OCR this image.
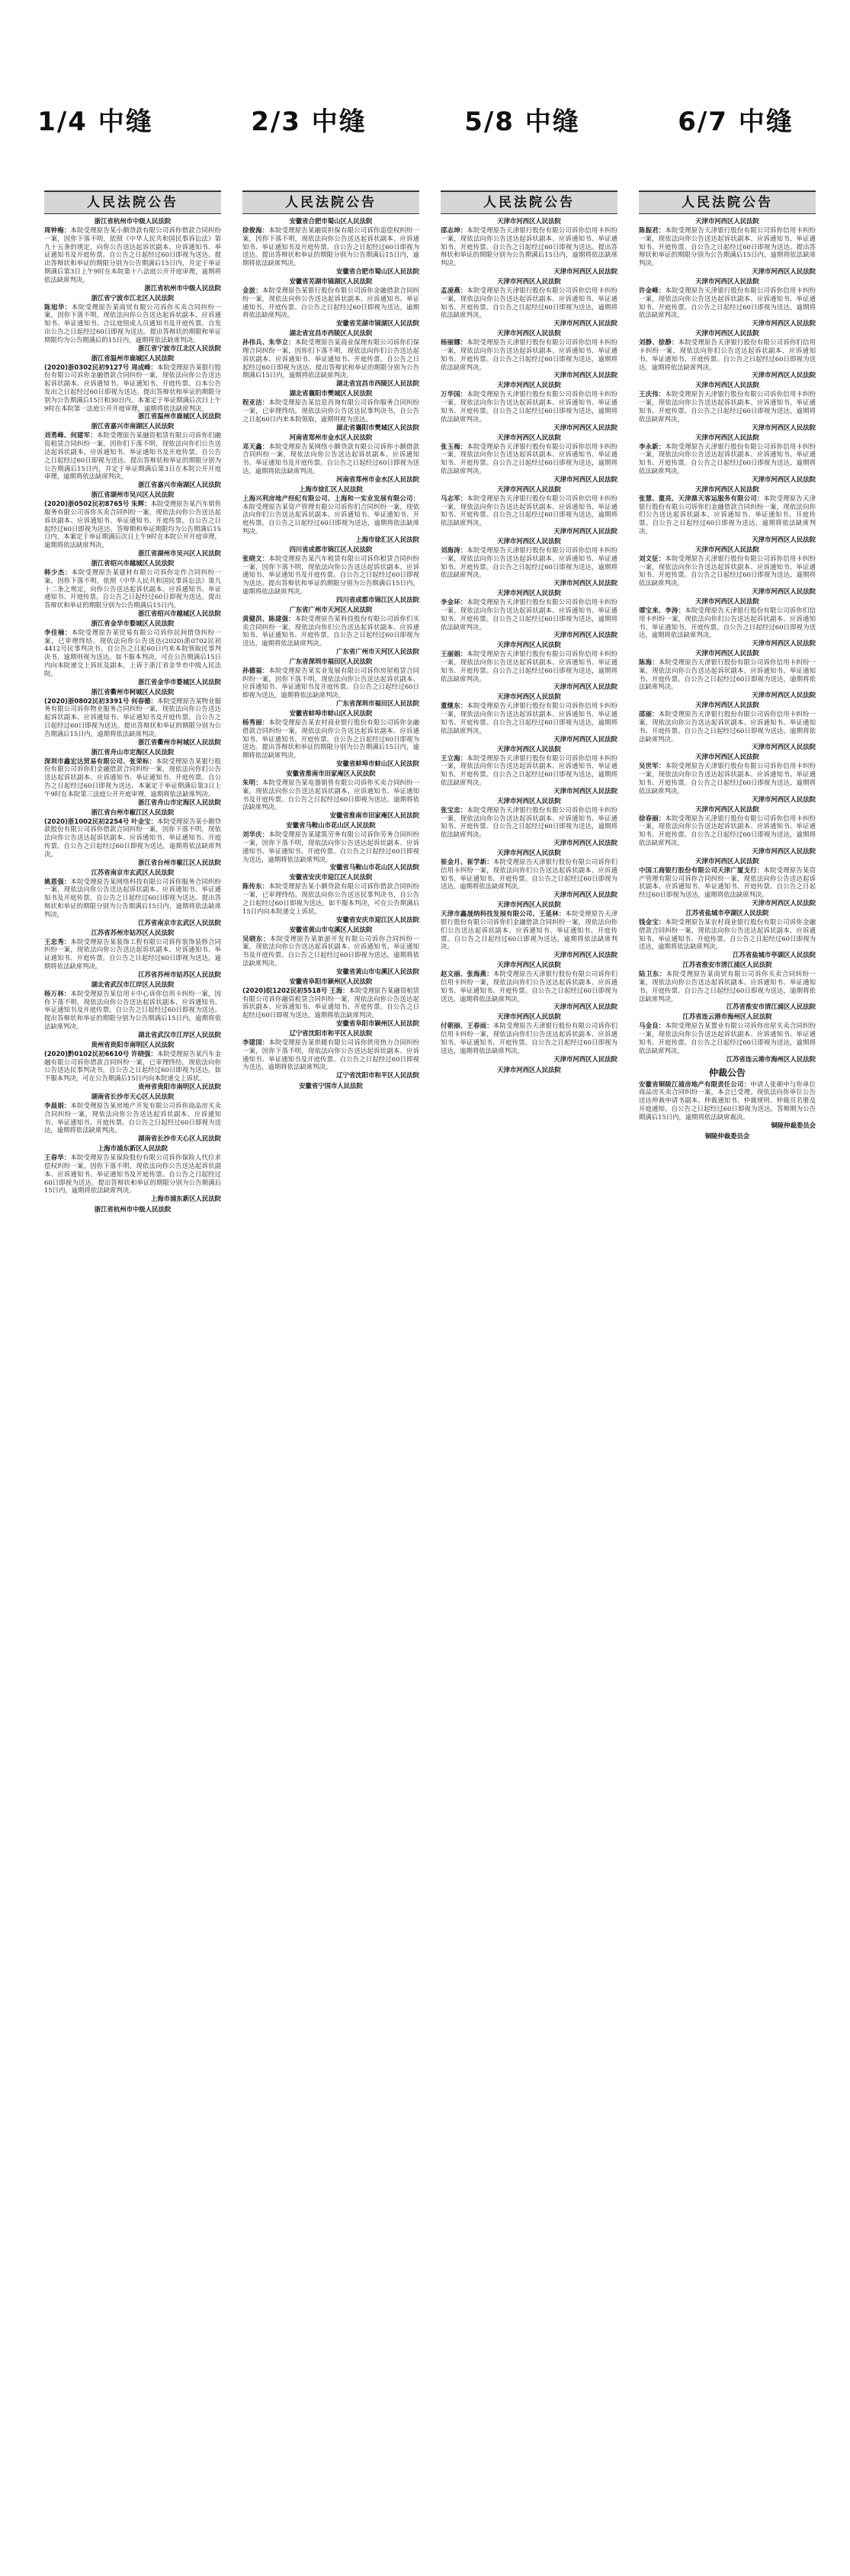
1/4 中缝	2/3 中缝	5/8 中缝	6/7 中缝
人民法院公告
浙江省杭州市中级人民法院

周钟梅：本院受理原告某小额贷款有限公司诉你借款合同纠纷一案，因你下落不明，依照《中华人民共和国民事诉讼法》第九十五条的规定，向你公告送达起诉状副本、应诉通知书、举证通知书及开庭传票。自公告之日起经过60日即视为送达。提出答辩状和举证的期限分别为公告期满后15日内，并定于举证期满后第3日上午9时在本院第十八法庭公开开庭审理，逾期将依法缺席判决。

浙江省杭州市中级人民法院
浙江省宁波市江北区人民法院

陈旭华：本院受理原告某商贸有限公司诉你买卖合同纠纷一案，因你下落不明，现依法向你公告送达起诉状副本、应诉通知书、举证通知书、合议庭组成人员通知书及开庭传票。自发出公告之日起经过60日即视为送达。提出答辩状的期限和举证期限均为公告期满后的15日内，逾期将依法缺席判决。

浙江省宁波市江北区人民法院
浙江省温州市鹿城区人民法院

(2020)浙0302民初9127号 周成峰：本院受理原告某银行股份有限公司诉你金融借款合同纠纷一案，现依法向你公告送达起诉状副本、应诉通知书、举证通知书、开庭传票。自本公告发出之日起经过60日即视为送达。提出答辩状和举证的期限分别为公告期满后15日和30日内。本案定于举证期满后次日上午9时在本院第一法庭公开开庭审理，逾期将依法缺席判决。

浙江省温州市鹿城区人民法院
浙江省嘉兴市南湖区人民法院

刘勇峰、何建军：本院受理原告某融资租赁有限公司诉你们融资租赁合同纠纷一案，因你们下落不明，现依法向你们公告送达起诉状副本、应诉通知书、举证通知书及开庭传票。自公告之日起经过60日即视为送达。提出答辩状和举证的期限分别为公告期满后15日内，并定于举证期满后第3日在本院公开开庭审理，逾期将依法缺席判决。

浙江省嘉兴市南湖区人民法院
浙江省湖州市吴兴区人民法院

(2020)浙0502民初8765号 朱辉：本院受理原告某汽车销售服务有限公司诉你买卖合同纠纷一案，现依法向你公告送达起诉状副本、应诉通知书、举证通知书、开庭传票。自公告之日起经过60日即视为送达。答辩期和举证期限均为公告期满后15日内，本案定于举证期满后次日上午9时在本院公开开庭审理，逾期将依法缺席判决。

浙江省湖州市吴兴区人民法院
浙江省绍兴市越城区人民法院

韩少杰：本院受理原告某建材有限公司诉你定作合同纠纷一案，因你下落不明，依照《中华人民共和国民事诉讼法》第九十二条之规定，向你公告送达起诉状副本、应诉通知书、举证通知书、开庭传票。自公告之日起经过60日即视为送达，提出答辩状和举证的期限分别为公告期满后15日内。

浙江省绍兴市越城区人民法院
浙江省金华市婺城区人民法院

李佳楠：本院受理原告某贸易有限公司诉你民间借贷纠纷一案，已审理终结。现依法向你公告送达(2020)浙0702民初4412号民事判决书。自公告之日起60日内来本院领取民事判决书，逾期则视为送达。如不服本判决，可在公告期满后15日内向本院递交上诉状及副本，上诉于浙江省金华市中级人民法院。

浙江省金华市婺城区人民法院
浙江省衢州市柯城区人民法院

(2020)浙0802民初3391号 何春德：本院受理原告某物业服务有限公司诉你物业服务合同纠纷一案，现依法向你公告送达起诉状副本、应诉通知书、举证通知书及开庭传票。自公告之日起经过60日即视为送达。提出答辩状和举证的期限分别为公告期满后15日内，逾期将依法缺席判决。

浙江省衢州市柯城区人民法院
浙江省舟山市定海区人民法院

深圳市鑫宏达贸易有限公司、张荣标：本院受理原告某银行股份有限公司诉你们金融借款合同纠纷一案，现依法向你们公告送达起诉状副本、应诉通知书、举证通知书、开庭传票。自公告之日起经过60日即视为送达。本案定于举证期满后第3日上午9时在本院第三法庭公开开庭审理，逾期将依法缺席判决。

浙江省舟山市定海区人民法院
浙江省台州市椒江区人民法院

(2020)浙1002民初2254号 叶金宝：本院受理原告某小额贷款股份有限公司诉你借款合同纠纷一案，因你下落不明，现依法向你公告送达起诉状副本、应诉通知书、举证通知书、开庭传票。自公告之日起经过60日即视为送达，逾期将依法缺席判决。

浙江省台州市椒江区人民法院
江苏省南京市玄武区人民法院

姚恩强：本院受理原告某网络科技有限公司诉你服务合同纠纷一案，现依法向你公告送达起诉状副本、应诉通知书、举证通知书及开庭传票。自公告之日起经过60日即视为送达。提出答辩状和举证的期限分别为公告期满后15日内，逾期将依法缺席判决。

江苏省南京市玄武区人民法院
江苏省苏州市姑苏区人民法院

王忠秀：本院受理原告某装饰工程有限公司诉你装饰装修合同纠纷一案，现依法向你公告送达起诉状副本、应诉通知书、举证通知书、开庭传票。自公告之日起经过60日即视为送达，逾期将依法缺席判决。

江苏省苏州市姑苏区人民法院
湖北省武汉市江岸区人民法院

杨万林：本院受理原告某信用卡中心诉你信用卡纠纷一案，因你下落不明，现依法向你公告送达起诉状副本、应诉通知书、举证通知书及开庭传票。自公告之日起经过60日即视为送达。提出答辩状和举证的期限分别为公告期满后15日内，逾期将依法缺席判决。

湖北省武汉市江岸区人民法院
贵州省贵阳市南明区人民法院

(2020)黔0102民初6610号 许晓强：本院受理原告某汽车金融有限公司诉你借款合同纠纷一案，已审理终结。现依法向你公告送达民事判决书，自公告之日起经过60日即视为送达。如不服本判决，可在公告期满后15日内向本院递交上诉状。

贵州省贵阳市南明区人民法院
湖南省长沙市天心区人民法院

李晨娟：本院受理原告某房地产开发有限公司诉你商品房买卖合同纠纷一案，现依法向你公告送达起诉状副本、应诉通知书、举证通知书、开庭传票。自公告之日起经过60日即视为送达，逾期将依法缺席判决。

湖南省长沙市天心区人民法院
上海市浦东新区人民法院

王春华：本院受理原告某保险股份有限公司诉你保险人代位求偿权纠纷一案，因你下落不明，现依法向你公告送达起诉状副本、应诉通知书、举证通知书及开庭传票。自公告之日起经过60日即视为送达。提出答辩状和举证的期限分别为公告期满后15日内，逾期将依法缺席判决。

上海市浦东新区人民法院
浙江省杭州市中级人民法院
人民法院公告
安徽省合肥市蜀山区人民法院

徐俊海：本院受理原告某融资担保有限公司诉你追偿权纠纷一案，因你下落不明，现依法向你公告送达起诉状副本、应诉通知书、举证通知书及开庭传票。自公告之日起经过60日即视为送达。提出答辩状和举证的期限分别为公告期满后15日内，逾期将依法缺席判决。

安徽省合肥市蜀山区人民法院
安徽省芜湖市镜湖区人民法院

金波：本院受理原告某银行股份有限公司诉你金融借款合同纠纷一案，现依法向你公告送达起诉状副本、应诉通知书、举证通知书、开庭传票。自公告之日起经过60日即视为送达，逾期将依法缺席判决。

安徽省芜湖市镜湖区人民法院
湖北省宜昌市西陵区人民法院

孙伟兵、朱华立：本院受理原告某商业保理有限公司诉你们保理合同纠纷一案，因你们下落不明，现依法向你们公告送达起诉状副本、应诉通知书、举证通知书、开庭传票。自公告之日起经过60日即视为送达。提出答辩状和举证的期限分别为公告期满后15日内，逾期将依法缺席判决。

湖北省宜昌市西陵区人民法院
湖北省襄阳市樊城区人民法院

程亚洁：本院受理原告某信息咨询有限公司诉你服务合同纠纷一案，已审理终结。现依法向你公告送达民事判决书，自公告之日起60日内来本院领取，逾期则视为送达。

湖北省襄阳市樊城区人民法院
河南省郑州市金水区人民法院

邓天鑫：本院受理原告某网络小额贷款有限公司诉你小额借款合同纠纷一案，现依法向你公告送达起诉状副本、应诉通知书、举证通知书及开庭传票。自公告之日起经过60日即视为送达，逾期将依法缺席判决。

河南省郑州市金水区人民法院
上海市徐汇区人民法院

上海兴利房地产经纪有限公司、上海和一实业发展有限公司：本院受理原告某资产管理有限公司诉你们合同纠纷一案，现依法向你们公告送达起诉状副本、应诉通知书、举证通知书、开庭传票。自公告之日起经过60日即视为送达，逾期将依法缺席判决。

上海市徐汇区人民法院
四川省成都市锦江区人民法院

张晓文：本院受理原告某汽车租赁有限公司诉你租赁合同纠纷一案，因你下落不明，现依法向你公告送达起诉状副本、应诉通知书、举证通知书及开庭传票。自公告之日起经过60日即视为送达。提出答辩状和举证的期限分别为公告期满后15日内，逾期将依法缺席判决。

四川省成都市锦江区人民法院
广东省广州市天河区人民法院

黄健洪、陈建强：本院受理原告某科技股份有限公司诉你们买卖合同纠纷一案，现依法向你们公告送达起诉状副本、应诉通知书、举证通知书、开庭传票。自公告之日起经过60日即视为送达，逾期将依法缺席判决。

广东省广州市天河区人民法院
广东省深圳市福田区人民法院

孙德福：本院受理原告某实业发展有限公司诉你房屋租赁合同纠纷一案，因你下落不明，现依法向你公告送达起诉状副本、应诉通知书、举证通知书及开庭传票。自公告之日起经过60日即视为送达，逾期将依法缺席判决。

广东省深圳市福田区人民法院
安徽省蚌埠市蚌山区人民法院

杨秀丽：本院受理原告某农村商业银行股份有限公司诉你金融借款合同纠纷一案，现依法向你公告送达起诉状副本、应诉通知书、举证通知书、开庭传票。自公告之日起经过60日即视为送达。提出答辩状和举证的期限分别为公告期满后15日内，逾期将依法缺席判决。

安徽省蚌埠市蚌山区人民法院
安徽省淮南市田家庵区人民法院

朱明：本院受理原告某电器销售有限公司诉你买卖合同纠纷一案，现依法向你公告送达起诉状副本、应诉通知书、举证通知书及开庭传票。自公告之日起经过60日即视为送达，逾期将依法缺席判决。

安徽省淮南市田家庵区人民法院
安徽省马鞍山市花山区人民法院

刘华庆：本院受理原告某建筑劳务有限公司诉你劳务合同纠纷一案，因你下落不明，现依法向你公告送达起诉状副本、应诉通知书、举证通知书、开庭传票。自公告之日起经过60日即视为送达，逾期将依法缺席判决。

安徽省马鞍山市花山区人民法院
安徽省安庆市迎江区人民法院

陈传东：本院受理原告某小额贷款有限公司诉你借款合同纠纷一案，已审理终结。现依法向你公告送达民事判决书，自公告之日起经过60日即视为送达。如不服本判决，可在公告期满后15日内向本院递交上诉状。

安徽省安庆市迎江区人民法院
安徽省黄山市屯溪区人民法院

吴晓东：本院受理原告某旅游开发有限公司诉你合同纠纷一案，现依法向你公告送达起诉状副本、应诉通知书、举证通知书及开庭传票。自公告之日起经过60日即视为送达，逾期将依法缺席判决。

安徽省黄山市屯溪区人民法院
安徽省阜阳市颍州区人民法院

(2020)皖1202民初5518号 王海：本院受理原告某融资租赁有限公司诉你融资租赁合同纠纷一案，现依法向你公告送达起诉状副本、应诉通知书、举证通知书、开庭传票。自公告之日起经过60日即视为送达，逾期将依法缺席判决。

安徽省阜阳市颍州区人民法院
辽宁省沈阳市和平区人民法院

李建国：本院受理原告某供暖有限公司诉你供用热力合同纠纷一案，因你下落不明，现依法向你公告送达起诉状副本、应诉通知书、举证通知书及开庭传票。自公告之日起经过60日即视为送达，逾期将依法缺席判决。

辽宁省沈阳市和平区人民法院
安徽省宁国市人民法院
人民法院公告
天津市河西区人民法院

邵志坤：本院受理原告天津银行股份有限公司诉你信用卡纠纷一案，现依法向你公告送达起诉状副本、应诉通知书、举证通知书、开庭传票。自公告之日起经过60日即视为送达。提出答辩状和举证的期限分别为公告期满后15日内，逾期将依法缺席判决。

天津市河西区人民法院
天津市河西区人民法院

孟凌燕：本院受理原告天津银行股份有限公司诉你信用卡纠纷一案，现依法向你公告送达起诉状副本、应诉通知书、举证通知书、开庭传票。自公告之日起经过60日即视为送达，逾期将依法缺席判决。

天津市河西区人民法院
天津市河西区人民法院

杨丽娜：本院受理原告天津银行股份有限公司诉你信用卡纠纷一案，现依法向你公告送达起诉状副本、应诉通知书、举证通知书、开庭传票。自公告之日起经过60日即视为送达，逾期将依法缺席判决。

天津市河西区人民法院
天津市河西区人民法院

万华国：本院受理原告天津银行股份有限公司诉你信用卡纠纷一案，现依法向你公告送达起诉状副本、应诉通知书、举证通知书、开庭传票。自公告之日起经过60日即视为送达，逾期将依法缺席判决。

天津市河西区人民法院
天津市河西区人民法院

张玉梅：本院受理原告天津银行股份有限公司诉你信用卡纠纷一案，现依法向你公告送达起诉状副本、应诉通知书、举证通知书、开庭传票。自公告之日起经过60日即视为送达，逾期将依法缺席判决。

天津市河西区人民法院
天津市河西区人民法院

马志军：本院受理原告天津银行股份有限公司诉你信用卡纠纷一案，现依法向你公告送达起诉状副本、应诉通知书、举证通知书、开庭传票。自公告之日起经过60日即视为送达，逾期将依法缺席判决。

天津市河西区人民法院
天津市河西区人民法院

刘海涛：本院受理原告天津银行股份有限公司诉你信用卡纠纷一案，现依法向你公告送达起诉状副本、应诉通知书、举证通知书、开庭传票。自公告之日起经过60日即视为送达，逾期将依法缺席判决。

天津市河西区人民法院
天津市河西区人民法院

李金环：本院受理原告天津银行股份有限公司诉你信用卡纠纷一案，现依法向你公告送达起诉状副本、应诉通知书、举证通知书、开庭传票。自公告之日起经过60日即视为送达，逾期将依法缺席判决。

天津市河西区人民法院
天津市河西区人民法院

王丽娟：本院受理原告天津银行股份有限公司诉你信用卡纠纷一案，现依法向你公告送达起诉状副本、应诉通知书、举证通知书、开庭传票。自公告之日起经过60日即视为送达，逾期将依法缺席判决。

天津市河西区人民法院
天津市河西区人民法院

董继东：本院受理原告天津银行股份有限公司诉你信用卡纠纷一案，现依法向你公告送达起诉状副本、应诉通知书、举证通知书、开庭传票。自公告之日起经过60日即视为送达，逾期将依法缺席判决。

天津市河西区人民法院
天津市河西区人民法院

王立海：本院受理原告天津银行股份有限公司诉你信用卡纠纷一案，现依法向你公告送达起诉状副本、应诉通知书、举证通知书、开庭传票。自公告之日起经过60日即视为送达，逾期将依法缺席判决。

天津市河西区人民法院
天津市河西区人民法院

张宝忠：本院受理原告天津银行股份有限公司诉你信用卡纠纷一案，现依法向你公告送达起诉状副本、应诉通知书、举证通知书、开庭传票。自公告之日起经过60日即视为送达，逾期将依法缺席判决。

天津市河西区人民法院
天津市河西区人民法院

崔金月、崔学新：本院受理原告天津银行股份有限公司诉你们信用卡纠纷一案，现依法向你们公告送达起诉状副本、应诉通知书、举证通知书、开庭传票。自公告之日起经过60日即视为送达，逾期将依法缺席判决。

天津市河西区人民法院
天津市河西区人民法院

天津市鑫晟纳科技发展有限公司、王延林：本院受理原告天津银行股份有限公司诉你们金融借款合同纠纷一案，现依法向你们公告送达起诉状副本、应诉通知书、举证通知书、开庭传票。自公告之日起经过60日即视为送达，逾期将依法缺席判决。

天津市河西区人民法院
天津市河西区人民法院

赵文丽、张海燕：本院受理原告天津银行股份有限公司诉你们信用卡纠纷一案，现依法向你们公告送达起诉状副本、应诉通知书、举证通知书、开庭传票。自公告之日起经过60日即视为送达，逾期将依法缺席判决。

天津市河西区人民法院
天津市河西区人民法院

付朝丽、王春雨：本院受理原告天津银行股份有限公司诉你们信用卡纠纷一案，现依法向你们公告送达起诉状副本、应诉通知书、举证通知书、开庭传票。自公告之日起经过60日即视为送达，逾期将依法缺席判决。

天津市河西区人民法院
天津市河西区人民法院
人民法院公告
天津市河西区人民法院

陈振君：本院受理原告天津银行股份有限公司诉你信用卡纠纷一案，现依法向你公告送达起诉状副本、应诉通知书、举证通知书、开庭传票。自公告之日起经过60日即视为送达。提出答辩状和举证的期限分别为公告期满后15日内，逾期将依法缺席判决。

天津市河西区人民法院
天津市河西区人民法院

许金峰：本院受理原告天津银行股份有限公司诉你信用卡纠纷一案，现依法向你公告送达起诉状副本、应诉通知书、举证通知书、开庭传票。自公告之日起经过60日即视为送达，逾期将依法缺席判决。

天津市河西区人民法院
天津市河西区人民法院

刘静、徐静：本院受理原告天津银行股份有限公司诉你们信用卡纠纷一案，现依法向你们公告送达起诉状副本、应诉通知书、举证通知书、开庭传票。自公告之日起经过60日即视为送达，逾期将依法缺席判决。

天津市河西区人民法院
天津市河西区人民法院

王庆伟：本院受理原告天津银行股份有限公司诉你信用卡纠纷一案，现依法向你公告送达起诉状副本、应诉通知书、举证通知书、开庭传票。自公告之日起经过60日即视为送达，逾期将依法缺席判决。

天津市河西区人民法院
天津市河西区人民法院

李永新：本院受理原告天津银行股份有限公司诉你信用卡纠纷一案，现依法向你公告送达起诉状副本、应诉通知书、举证通知书、开庭传票。自公告之日起经过60日即视为送达，逾期将依法缺席判决。

天津市河西区人民法院
天津市河西区人民法院

张慧、董亮、天津鼎天客运服务有限公司：本院受理原告天津银行股份有限公司诉你们金融借款合同纠纷一案，现依法向你们公告送达起诉状副本、应诉通知书、举证通知书、开庭传票。自公告之日起经过60日即视为送达，逾期将依法缺席判决。

天津市河西区人民法院
天津市河西区人民法院

刘文征：本院受理原告天津银行股份有限公司诉你信用卡纠纷一案，现依法向你公告送达起诉状副本、应诉通知书、举证通知书、开庭传票。自公告之日起经过60日即视为送达，逾期将依法缺席判决。

天津市河西区人民法院
天津市河西区人民法院

谭宝来、李涛：本院受理原告天津银行股份有限公司诉你们信用卡纠纷一案，现依法向你们公告送达起诉状副本、应诉通知书、举证通知书、开庭传票。自公告之日起经过60日即视为送达，逾期将依法缺席判决。

天津市河西区人民法院
天津市河西区人民法院

陈海：本院受理原告天津银行股份有限公司诉你信用卡纠纷一案，现依法向你公告送达起诉状副本、应诉通知书、举证通知书、开庭传票。自公告之日起经过60日即视为送达，逾期将依法缺席判决。

天津市河西区人民法院
天津市河西区人民法院

邵丽：本院受理原告天津银行股份有限公司诉你信用卡纠纷一案，现依法向你公告送达起诉状副本、应诉通知书、举证通知书、开庭传票。自公告之日起经过60日即视为送达，逾期将依法缺席判决。

天津市河西区人民法院
天津市河西区人民法院

吴世军：本院受理原告天津银行股份有限公司诉你信用卡纠纷一案，现依法向你公告送达起诉状副本、应诉通知书、举证通知书、开庭传票。自公告之日起经过60日即视为送达，逾期将依法缺席判决。

天津市河西区人民法院
天津市河西区人民法院

徐春丽：本院受理原告天津银行股份有限公司诉你信用卡纠纷一案，现依法向你公告送达起诉状副本、应诉通知书、举证通知书、开庭传票。自公告之日起经过60日即视为送达，逾期将依法缺席判决。

天津市河西区人民法院
天津市河西区人民法院

中国工商银行股份有限公司天津广厦支行：本院受理原告某资产管理有限公司诉你合同纠纷一案，现依法向你公告送达起诉状副本、应诉通知书、举证通知书、开庭传票。自公告之日起经过60日即视为送达，逾期将依法缺席判决。

天津市河西区人民法院
江苏省盐城市亭湖区人民法院

钱金宝：本院受理原告某农村商业银行股份有限公司诉你金融借款合同纠纷一案，现依法向你公告送达起诉状副本、应诉通知书、举证通知书、开庭传票。自公告之日起经过60日即视为送达，逾期将依法缺席判决。

江苏省盐城市亭湖区人民法院
江苏省淮安市清江浦区人民法院

陆卫东：本院受理原告某商贸有限公司诉你买卖合同纠纷一案，现依法向你公告送达起诉状副本、应诉通知书、举证通知书、开庭传票。自公告之日起经过60日即视为送达，逾期将依法缺席判决。

江苏省淮安市清江浦区人民法院
江苏省连云港市海州区人民法院

马金良：本院受理原告某置业有限公司诉你房屋买卖合同纠纷一案，现依法向你公告送达起诉状副本、应诉通知书、举证通知书、开庭传票。自公告之日起经过60日即视为送达，逾期将依法缺席判决。

江苏省连云港市海州区人民法院
仲裁公告

安徽省铜陵江浦房地产有限责任公司：申请人张朝申与你单位商品房买卖合同纠纷一案，本会已受理。现依法向你单位公告送达仲裁申请书副本、仲裁通知书、仲裁规则、仲裁员名册及开庭通知。自公告之日起经过60日即视为送达。答辩期为公告期满后15日内，逾期将依法缺席裁决。

铜陵仲裁委员会
铜陵仲裁委员会
